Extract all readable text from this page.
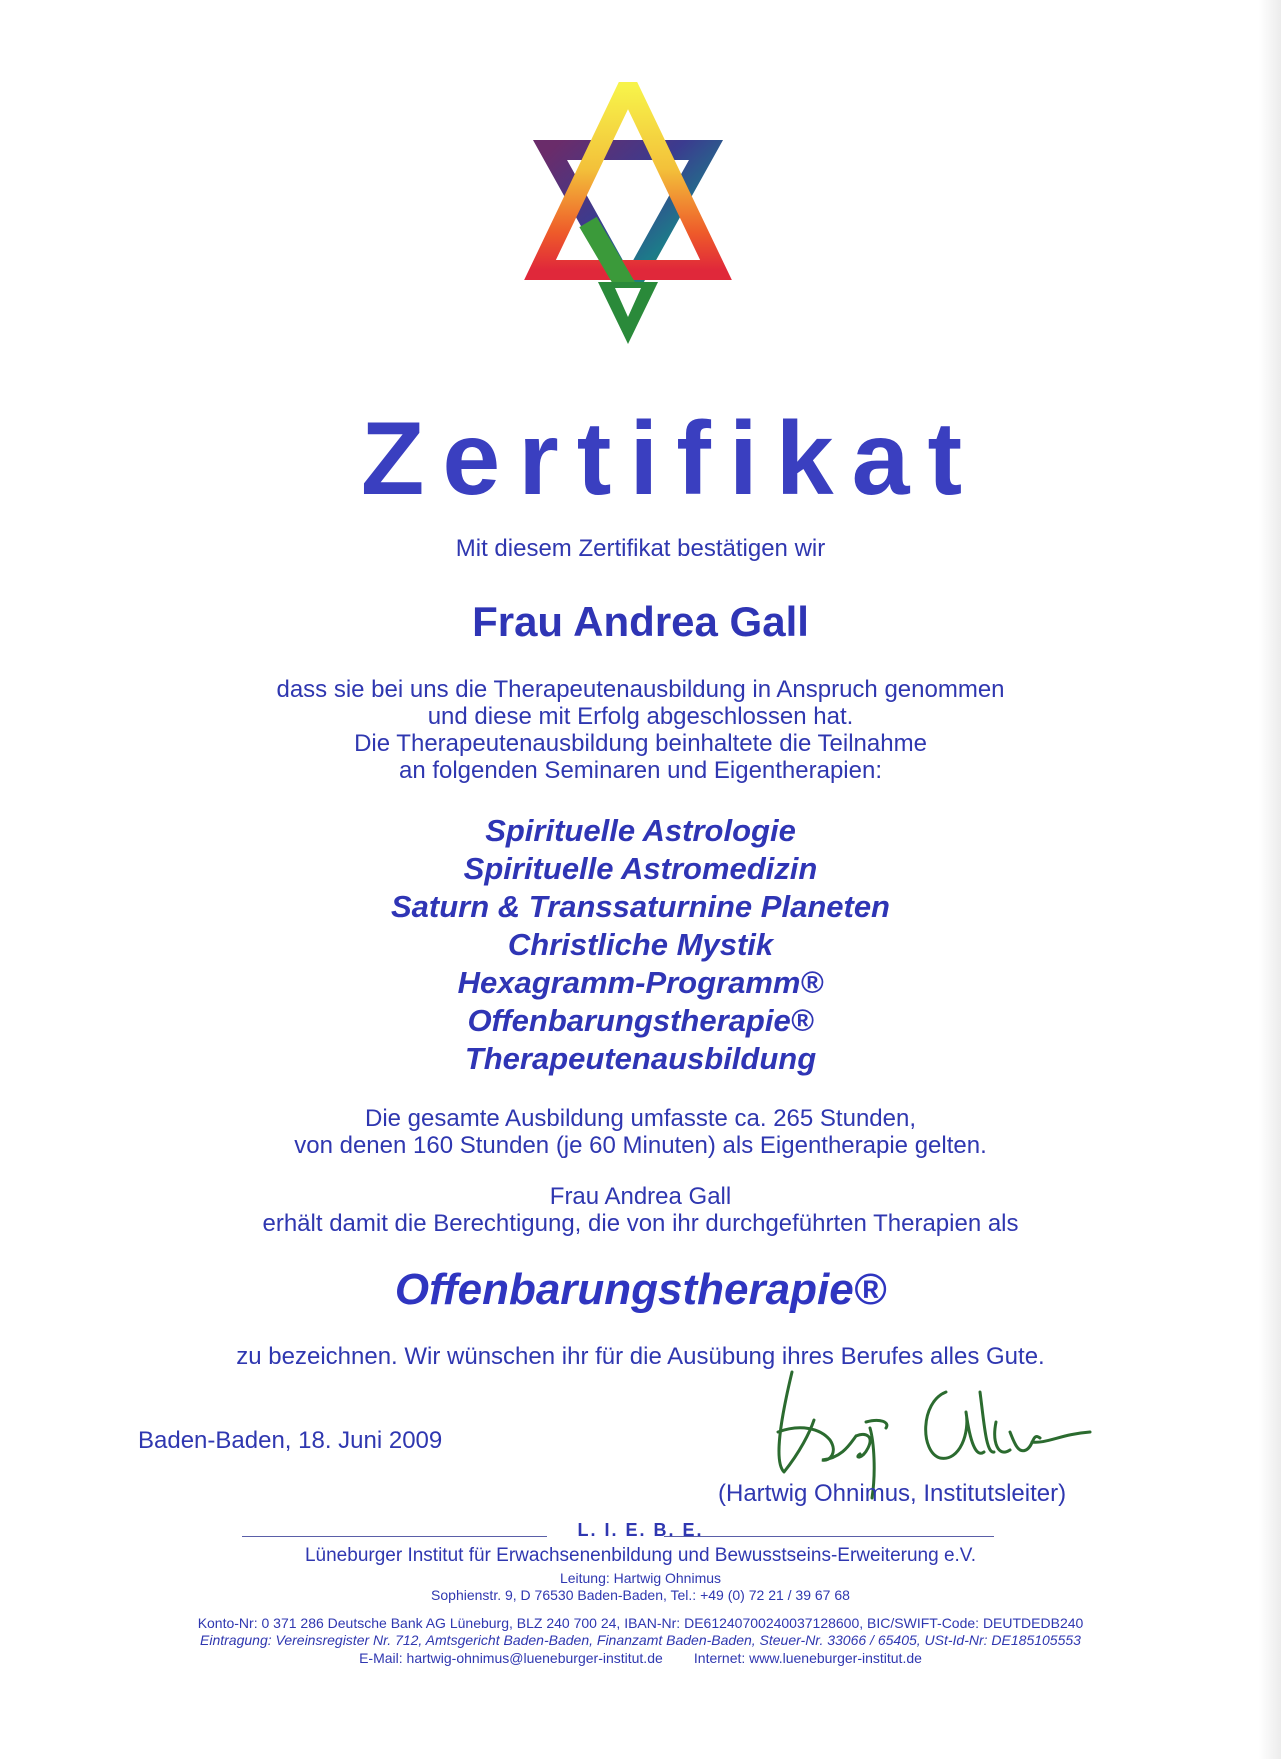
Zertifikat
Mit diesem Zertifikat bestätigen wir
Frau Andrea Gall
dass sie bei uns die Therapeutenausbildung in Anspruch genommen
und diese mit Erfolg abgeschlossen hat.
Die Therapeutenausbildung beinhaltete die Teilnahme
an folgenden Seminaren und Eigentherapien:
Spirituelle Astrologie
Spirituelle Astromedizin
Saturn & Transsaturnine Planeten
Christliche Mystik
Hexagramm-Programm®
Offenbarungstherapie®
Therapeutenausbildung
Die gesamte Ausbildung umfasste ca. 265 Stunden,
von denen 160 Stunden (je 60 Minuten) als Eigentherapie gelten.
Frau Andrea Gall
erhält damit die Berechtigung, die von ihr durchgeführten Therapien als
Offenbarungstherapie®
zu bezeichnen. Wir wünschen ihr für die Ausübung ihres Berufes alles Gute.
Baden-Baden, 18. Juni 2009
(Hartwig Ohnimus, Institutsleiter)
L. I. E. B. E.
Lüneburger Institut für Erwachsenenbildung und Bewusstseins-Erweiterung e.V.
Leitung: Hartwig Ohnimus
Sophienstr. 9, D 76530 Baden-Baden, Tel.: +49 (0) 72 21 / 39 67 68
Konto-Nr: 0 371 286 Deutsche Bank AG Lüneburg, BLZ 240 700 24, IBAN-Nr: DE61240700240037128600, BIC/SWIFT-Code: DEUTDEDB240
Eintragung: Vereinsregister Nr. 712, Amtsgericht Baden-Baden, Finanzamt Baden-Baden, Steuer-Nr. 33066 / 65405, USt-Id-Nr: DE185105553
E-Mail: hartwig-ohnimus@lueneburger-institut.de        Internet: www.lueneburger-institut.de
